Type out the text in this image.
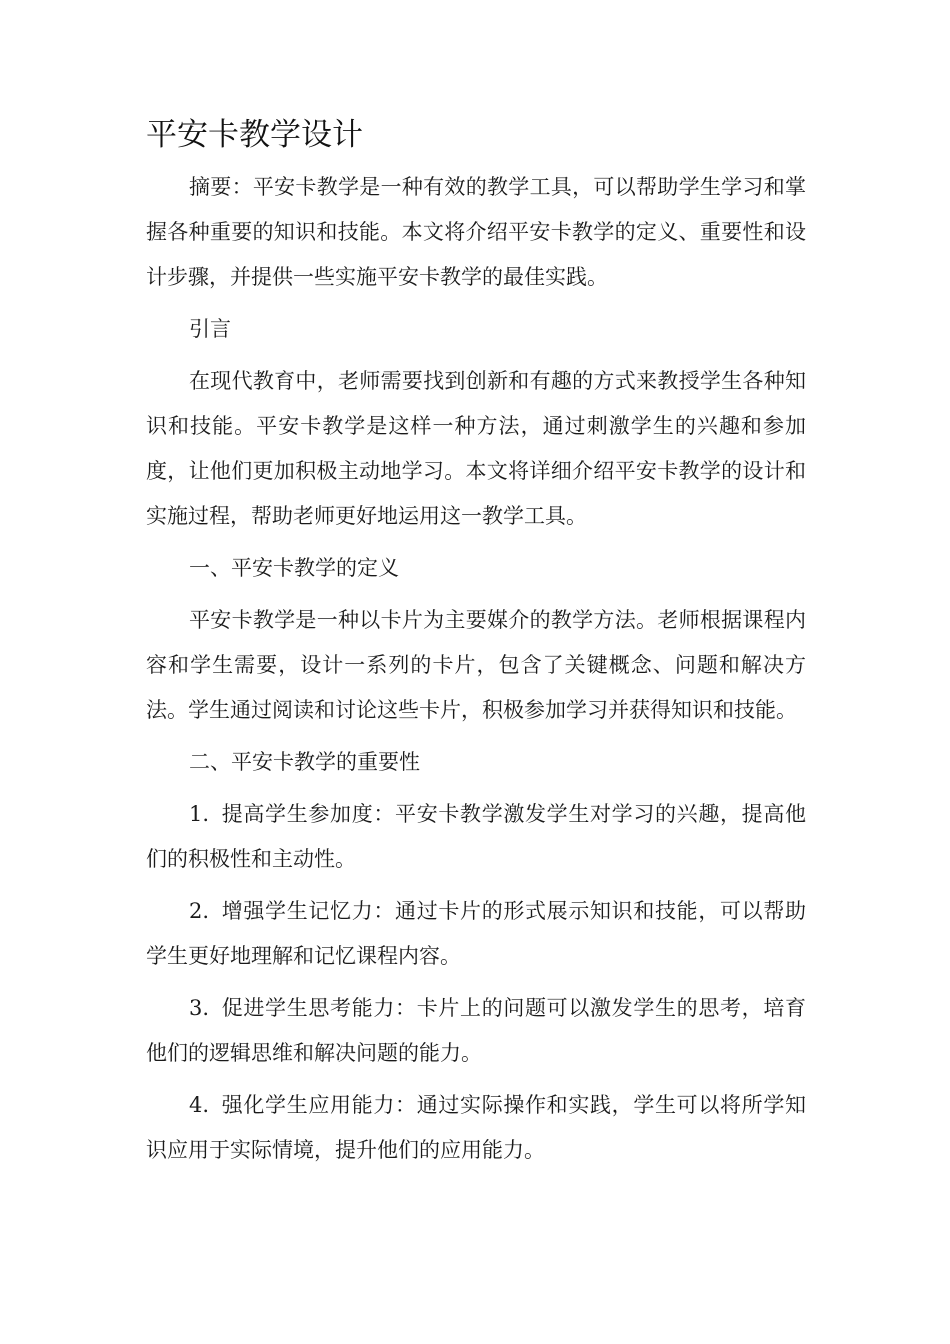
平安卡教学设计

摘要：平安卡教学是一种有效的教学工具，可以帮助学生学习和掌握各种重要的知识和技能。本文将介绍平安卡教学的定义、重要性和设计步骤，并提供一些实施平安卡教学的最佳实践。

引言

在现代教育中，老师需要找到创新和有趣的方式来教授学生各种知识和技能。平安卡教学是这样一种方法，通过刺激学生的兴趣和参加度，让他们更加积极主动地学习。本文将详细介绍平安卡教学的设计和实施过程，帮助老师更好地运用这一教学工具。

一、平安卡教学的定义

平安卡教学是一种以卡片为主要媒介的教学方法。老师根据课程内容和学生需要，设计一系列的卡片，包含了关键概念、问题和解决方法。学生通过阅读和讨论这些卡片，积极参加学习并获得知识和技能。

二、平安卡教学的重要性

1. 提高学生参加度：平安卡教学激发学生对学习的兴趣，提高他们的积极性和主动性。

2. 增强学生记忆力：通过卡片的形式展示知识和技能，可以帮助学生更好地理解和记忆课程内容。

3. 促进学生思考能力：卡片上的问题可以激发学生的思考，培育他们的逻辑思维和解决问题的能力。

4. 强化学生应用能力：通过实际操作和实践，学生可以将所学知识应用于实际情境，提升他们的应用能力。
